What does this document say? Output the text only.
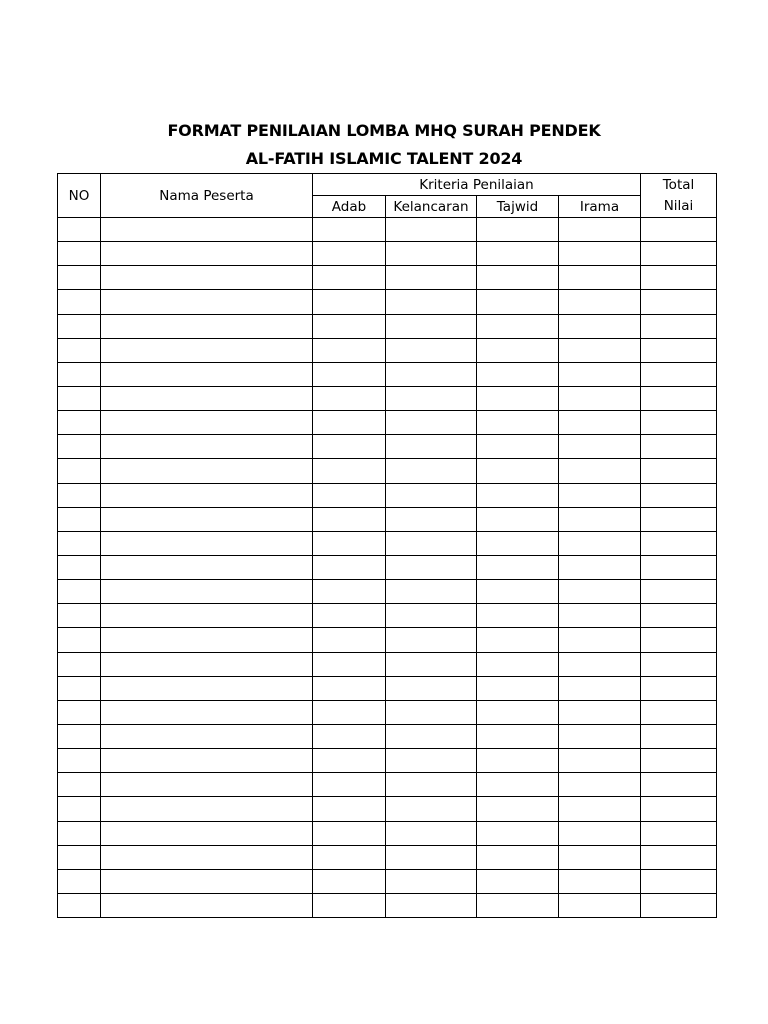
FORMAT PENILAIAN LOMBA MHQ SURAH PENDEK
AL-FATIH ISLAMIC TALENT 2024
NO	Nama Peserta	Kriteria Penilaian				Total
		Adab	Kelancaran	Tajwid	Irama	Nilai
